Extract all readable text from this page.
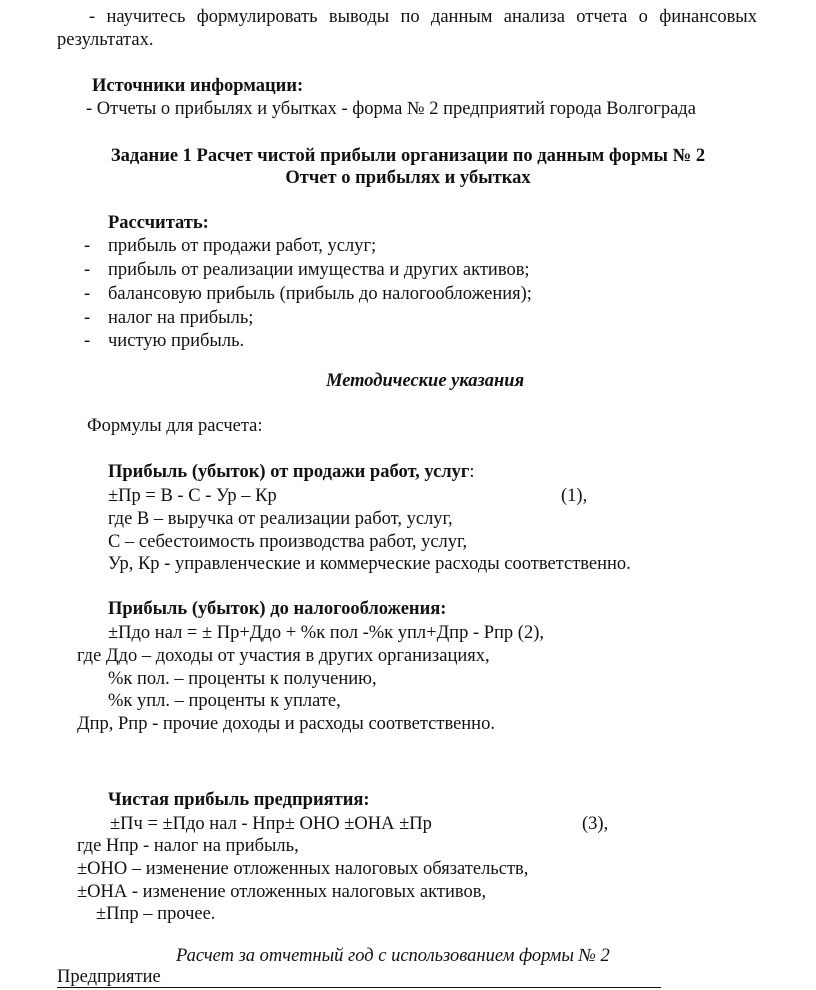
- научитесь формулировать выводы по данным анализа отчета о финансовых
результатах.
Источники информации:
- Отчеты о прибылях и убытках - форма № 2 предприятий города Волгограда
Задание 1 Расчет чистой прибыли организации по данным формы № 2
Отчет о прибылях и убытках
Рассчитать:
- прибыль от продажи работ, услуг;
- прибыль от реализации имущества и других активов;
- балансовую прибыль (прибыль до налогообложения);
- налог на прибыль;
- чистую прибыль.
Методические указания
Формулы для расчета:
Прибыль (убыток) от продажи работ, услуг:
±Пр = В - С - Ур – Кр	(1),
где В – выручка от реализации работ, услуг,
С – себестоимость производства работ, услуг,
Ур, Кр - управленческие и коммерческие расходы соответственно.
Прибыль (убыток) до налогообложения:
±Пдо нал = ± Пр+Ддо + %к пол -%к упл+Дпр - Рпр (2),
где Ддо – доходы от участия в других организациях,
%к пол. – проценты к получению,
%к упл. – проценты к уплате,
Дпр, Рпр - прочие доходы и расходы соответственно.
Чистая прибыль предприятия:
±Пч = ±Пдо нал - Нпр± ОНО ±ОНА ±Пр	(3),
где Нпр - налог на прибыль,
±ОНО – изменение отложенных налоговых обязательств,
±ОНА - изменение отложенных налоговых активов,
±Ппр – прочее.
Расчет за отчетный год с использованием формы № 2
Предприятие
